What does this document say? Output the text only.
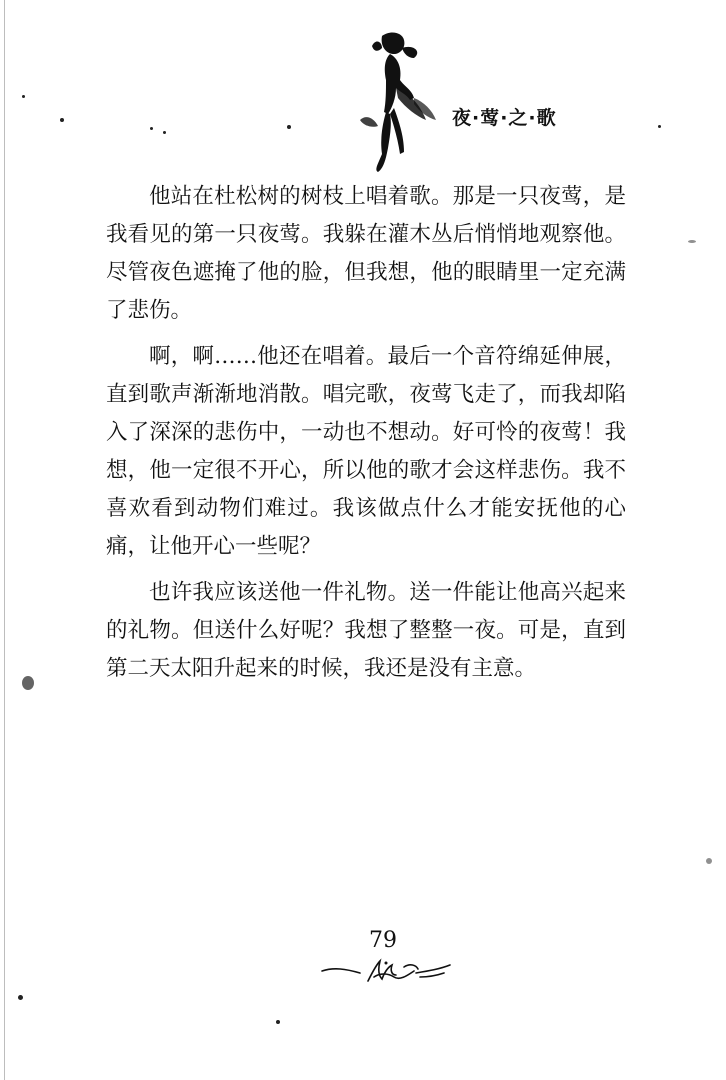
夜·莺·之·歌

他站在杜松树的树枝上唱着歌。那是一只夜莺，是我看见的第一只夜莺。我躲在灌木丛后悄悄地观察他。尽管夜色遮掩了他的脸，但我想，他的眼睛里一定充满了悲伤。

啊，啊……他还在唱着。最后一个音符绵延伸展，直到歌声渐渐地消散。唱完歌，夜莺飞走了，而我却陷入了深深的悲伤中，一动也不想动。好可怜的夜莺！我想，他一定很不开心，所以他的歌才会这样悲伤。我不喜欢看到动物们难过。我该做点什么才能安抚他的心痛，让他开心一些呢？

也许我应该送他一件礼物。送一件能让他高兴起来的礼物。但送什么好呢？我想了整整一夜。可是，直到第二天太阳升起来的时候，我还是没有主意。

79
